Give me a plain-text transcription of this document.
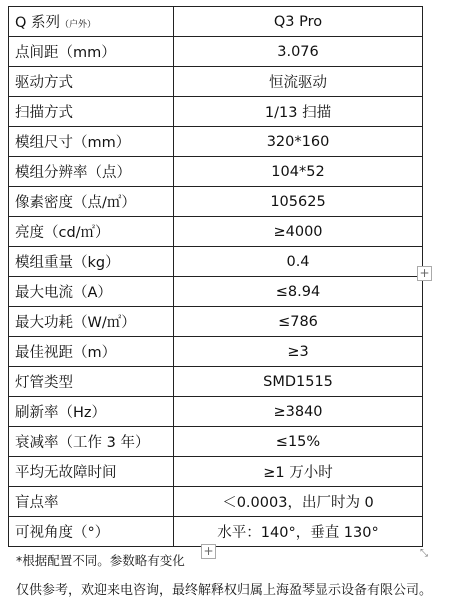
Q 系列（户外）	Q3 Pro
点间距（mm）	3.076
驱动方式	恒流驱动
扫描方式	1/13 扫描
模组尺寸（mm）	320*160
模组分辨率（点）	104*52
像素密度（点/㎡）	105625
亮度（cd/㎡）	≥4000
模组重量（kg）	0.4
最大电流（A）	≤8.94
最大功耗（W/㎡）	≤786
最佳视距（m）	≥3
灯管类型	SMD1515
刷新率（Hz）	≥3840
衰减率（工作 3 年）	≤15%
平均无故障时间	≥1 万小时
盲点率	＜0.0003，出厂时为 0
可视角度（°）	水平：140°，垂直 130°
+
+	⤡
*根据配置不同。参数略有变化
仅供参考，欢迎来电咨询，最终解释权归属上海盈琴显示设备有限公司。
